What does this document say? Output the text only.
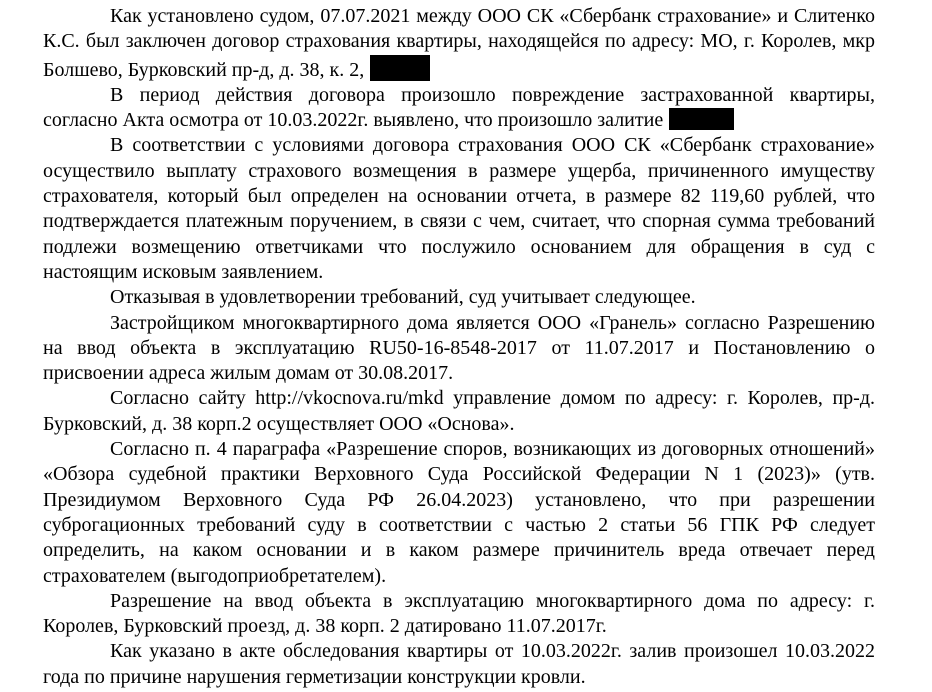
Как установлено судом, 07.07.2021 между ООО СК «Сбербанк страхование» и Слитенко К.С. был заключен договор страхования квартиры, находящейся по адресу: МО, г. Королев, мкр Болшево, Бурковский пр-д, д. 38, к. 2,

В период действия договора произошло повреждение застрахованной квартиры, согласно Акта осмотра от 10.03.2022г. выявлено, что произошло залитие

В соответствии с условиями договора страхования ООО СК «Сбербанк страхование» осуществило выплату страхового возмещения в размере ущерба, причиненного имуществу страхователя, который был определен на основании отчета, в размере 82 119,60 рублей, что подтверждается платежным поручением, в связи с чем, считает, что спорная сумма требований подлежи возмещению ответчиками что послужило основанием для обращения в суд с настоящим исковым заявлением.

Отказывая в удовлетворении требований, суд учитывает следующее.

Застройщиком многоквартирного дома является ООО «Гранель» согласно Разрешению на ввод объекта в эксплуатацию RU50-16-8548-2017 от 11.07.2017 и Постановлению о присвоении адреса жилым домам от 30.08.2017.

Согласно сайту http://vkocnova.ru/mkd управление домом по адресу: г. Королев, пр-д. Бурковский, д. 38 корп.2 осуществляет ООО «Основа».

Согласно п. 4 параграфа «Разрешение споров, возникающих из договорных отношений» «Обзора судебной практики Верховного Суда Российской Федерации N 1 (2023)» (утв. Президиумом Верховного Суда РФ 26.04.2023) установлено, что при разрешении суброгационных требований суду в соответствии с частью 2 статьи 56 ГПК РФ следует определить, на каком основании и в каком размере причинитель вреда отвечает перед страхователем (выгодоприобретателем).

Разрешение на ввод объекта в эксплуатацию многоквартирного дома по адресу: г. Королев, Бурковский проезд, д. 38 корп. 2 датировано 11.07.2017г.

Как указано в акте обследования квартиры от 10.03.2022г. залив произошел 10.03.2022 года по причине нарушения герметизации конструкции кровли.
